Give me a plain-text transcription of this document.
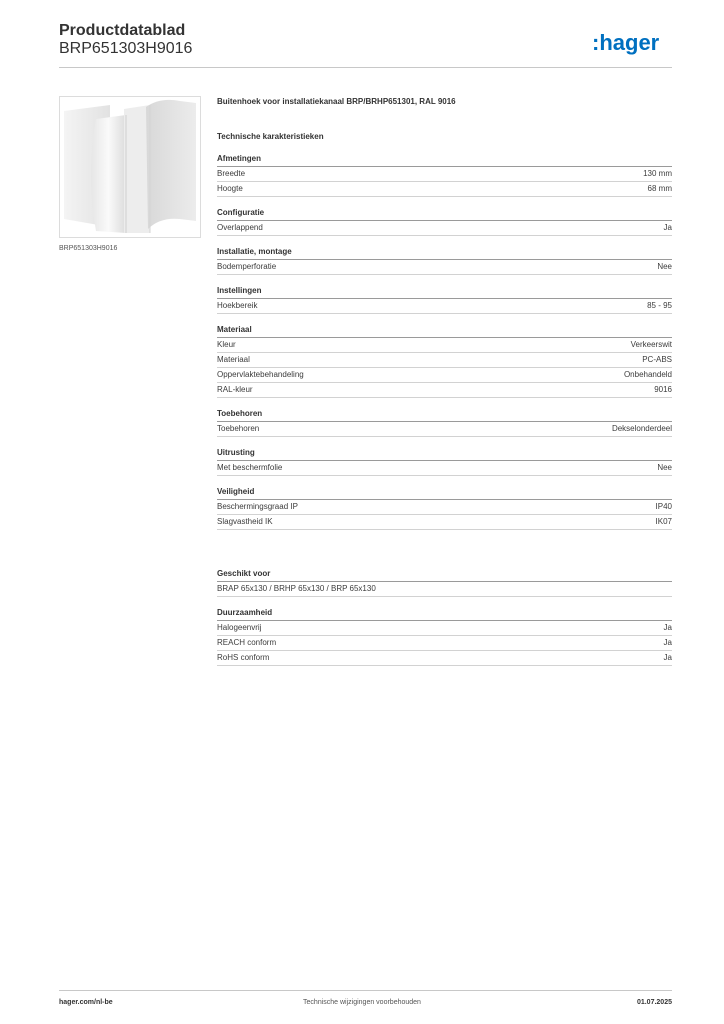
Productdatablad
BRP651303H9016	:hager
BRP651303H9016
Buitenhoek voor installatiekanaal BRP/BRHP651301, RAL 9016
Technische karakteristieken
Afmetingen
Breedte	130 mm
Hoogte	68 mm
Configuratie
Overlappend	Ja
Installatie, montage
Bodemperforatie	Nee
Instellingen
Hoekbereik	85 - 95
Materiaal
Kleur	Verkeerswit
Materiaal	PC-ABS
Oppervlaktebehandeling	Onbehandeld
RAL-kleur	9016
Toebehoren
Toebehoren	Dekselonderdeel
Uitrusting
Met beschermfolie	Nee
Veiligheid
Beschermingsgraad IP	IP40
Slagvastheid IK	IK07
Geschikt voor
BRAP 65x130 / BRHP 65x130 / BRP 65x130
Duurzaamheid
Halogeenvrij	Ja
REACH conform	Ja
RoHS conform	Ja
hager.com/nl-be	Technische wijzigingen voorbehouden	01.07.2025
